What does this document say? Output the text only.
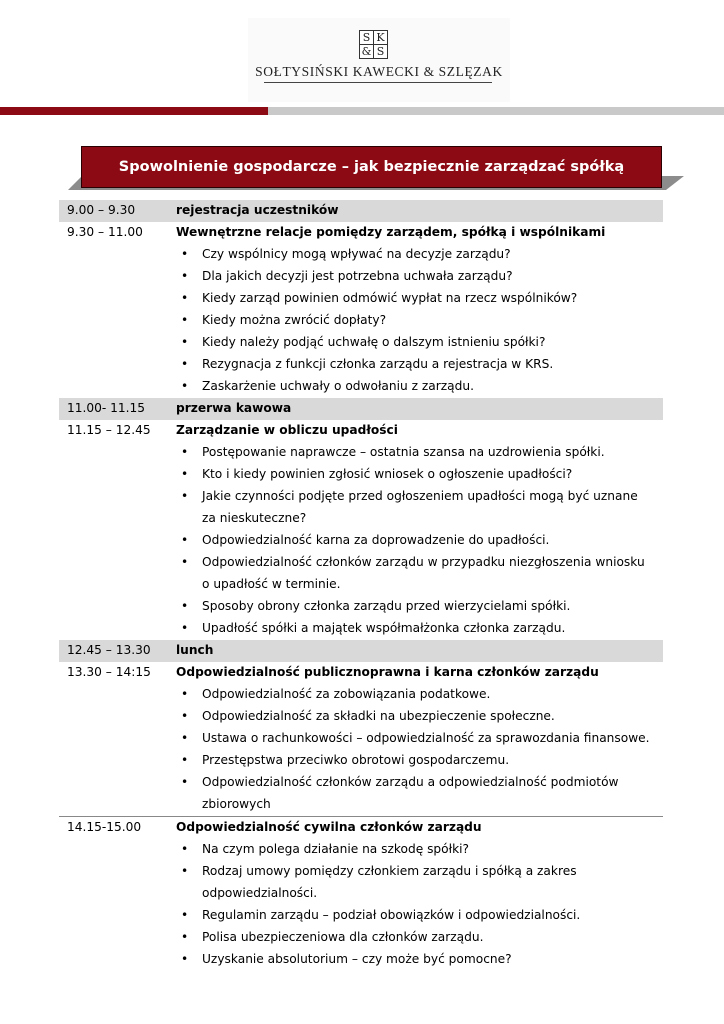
S K
& S
SOŁTYSIŃSKI KAWECKI & SZLĘZAK
Spowolnienie gospodarcze – jak bezpiecznie zarządzać spółką
9.00 – 9.30	rejestracja uczestników
9.30 – 11.00	Wewnętrzne relacje pomiędzy zarządem, spółką i wspólnikami
• Czy wspólnicy mogą wpływać na decyzje zarządu?
• Dla jakich decyzji jest potrzebna uchwała zarządu?
• Kiedy zarząd powinien odmówić wypłat na rzecz wspólników?
• Kiedy można zwrócić dopłaty?
• Kiedy należy podjąć uchwałę o dalszym istnieniu spółki?
• Rezygnacja z funkcji członka zarządu a rejestracja w KRS.
• Zaskarżenie uchwały o odwołaniu z zarządu.
11.00- 11.15	przerwa kawowa
11.15 – 12.45 Zarządzanie w obliczu upadłości
• Postępowanie naprawcze – ostatnia szansa na uzdrowienia spółki.
• Kto i kiedy powinien zgłosić wniosek o ogłoszenie upadłości?
• Jakie czynności podjęte przed ogłoszeniem upadłości mogą być uznane
za nieskuteczne?
• Odpowiedzialność karna za doprowadzenie do upadłości.
• Odpowiedzialność członków zarządu w przypadku niezgłoszenia wniosku
o upadłość w terminie.
• Sposoby obrony członka zarządu przed wierzycielami spółki.
• Upadłość spółki a majątek współmałżonka członka zarządu.
12.45 – 13.30 lunch
13.30 – 14:15 Odpowiedzialność publicznoprawna i karna członków zarządu
• Odpowiedzialność za zobowiązania podatkowe.
• Odpowiedzialność za składki na ubezpieczenie społeczne.
• Ustawa o rachunkowości – odpowiedzialność za sprawozdania finansowe.
• Przestępstwa przeciwko obrotowi gospodarczemu.
• Odpowiedzialność członków zarządu a odpowiedzialność podmiotów
zbiorowych
14.15-15.00	Odpowiedzialność cywilna członków zarządu
• Na czym polega działanie na szkodę spółki?
• Rodzaj umowy pomiędzy członkiem zarządu i spółką a zakres
odpowiedzialności.
• Regulamin zarządu – podział obowiązków i odpowiedzialności.
• Polisa ubezpieczeniowa dla członków zarządu.
• Uzyskanie absolutorium – czy może być pomocne?
